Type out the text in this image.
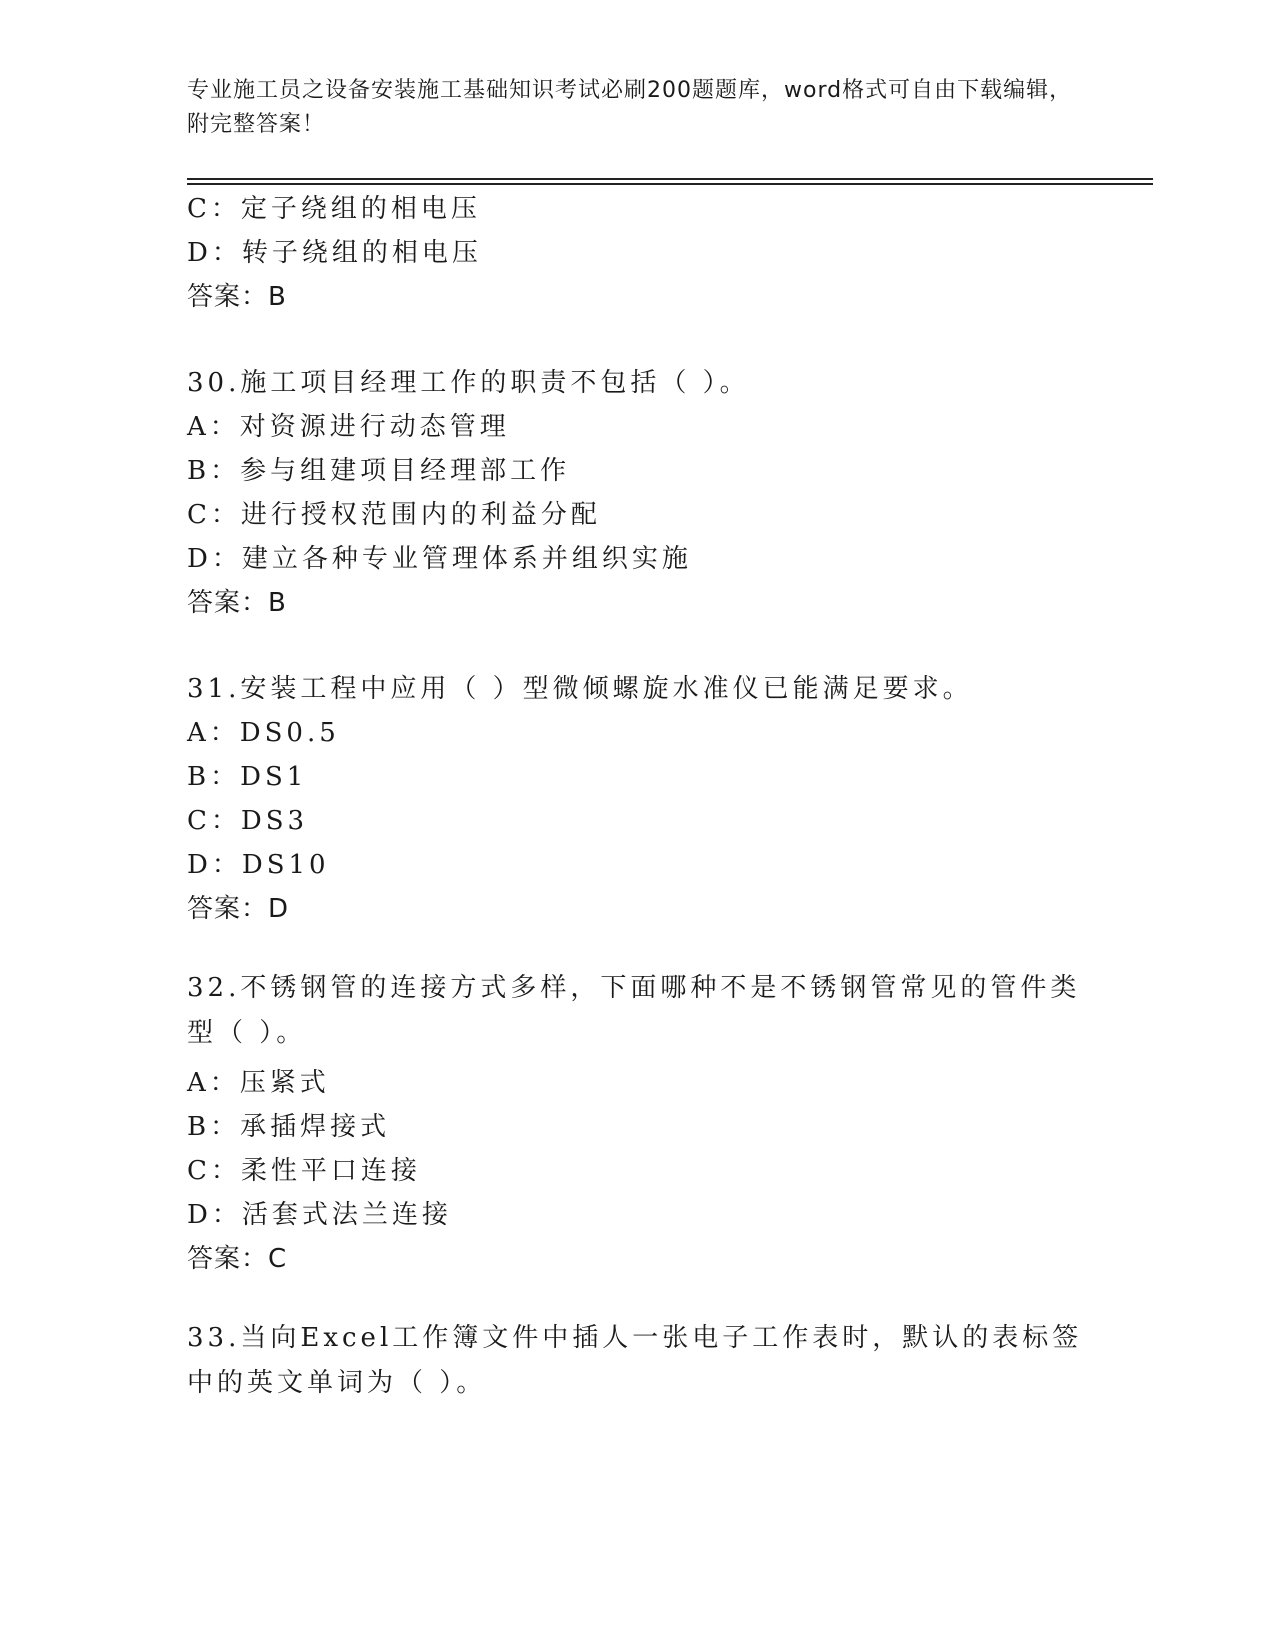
专业施工员之设备安装施工基础知识考试必刷200题题库，word格式可自由下载编辑，附完整答案！
C：定子绕组的相电压
D：转子绕组的相电压
答案：B
30.施工项目经理工作的职责不包括（ ）。
A：对资源进行动态管理
B：参与组建项目经理部工作
C：进行授权范围内的利益分配
D：建立各种专业管理体系并组织实施
答案：B
31.安装工程中应用（ ）型微倾螺旋水准仪已能满足要求。
A：DS0.5
B：DS1
C：DS3
D：DS10
答案：D
32.不锈钢管的连接方式多样，下面哪种不是不锈钢管常见的管件类型（ ）。
A：压紧式
B：承插焊接式
C：柔性平口连接
D：活套式法兰连接
答案：C
33.当向Excel工作簿文件中插人一张电子工作表时，默认的表标签中的英文单词为（ ）。
